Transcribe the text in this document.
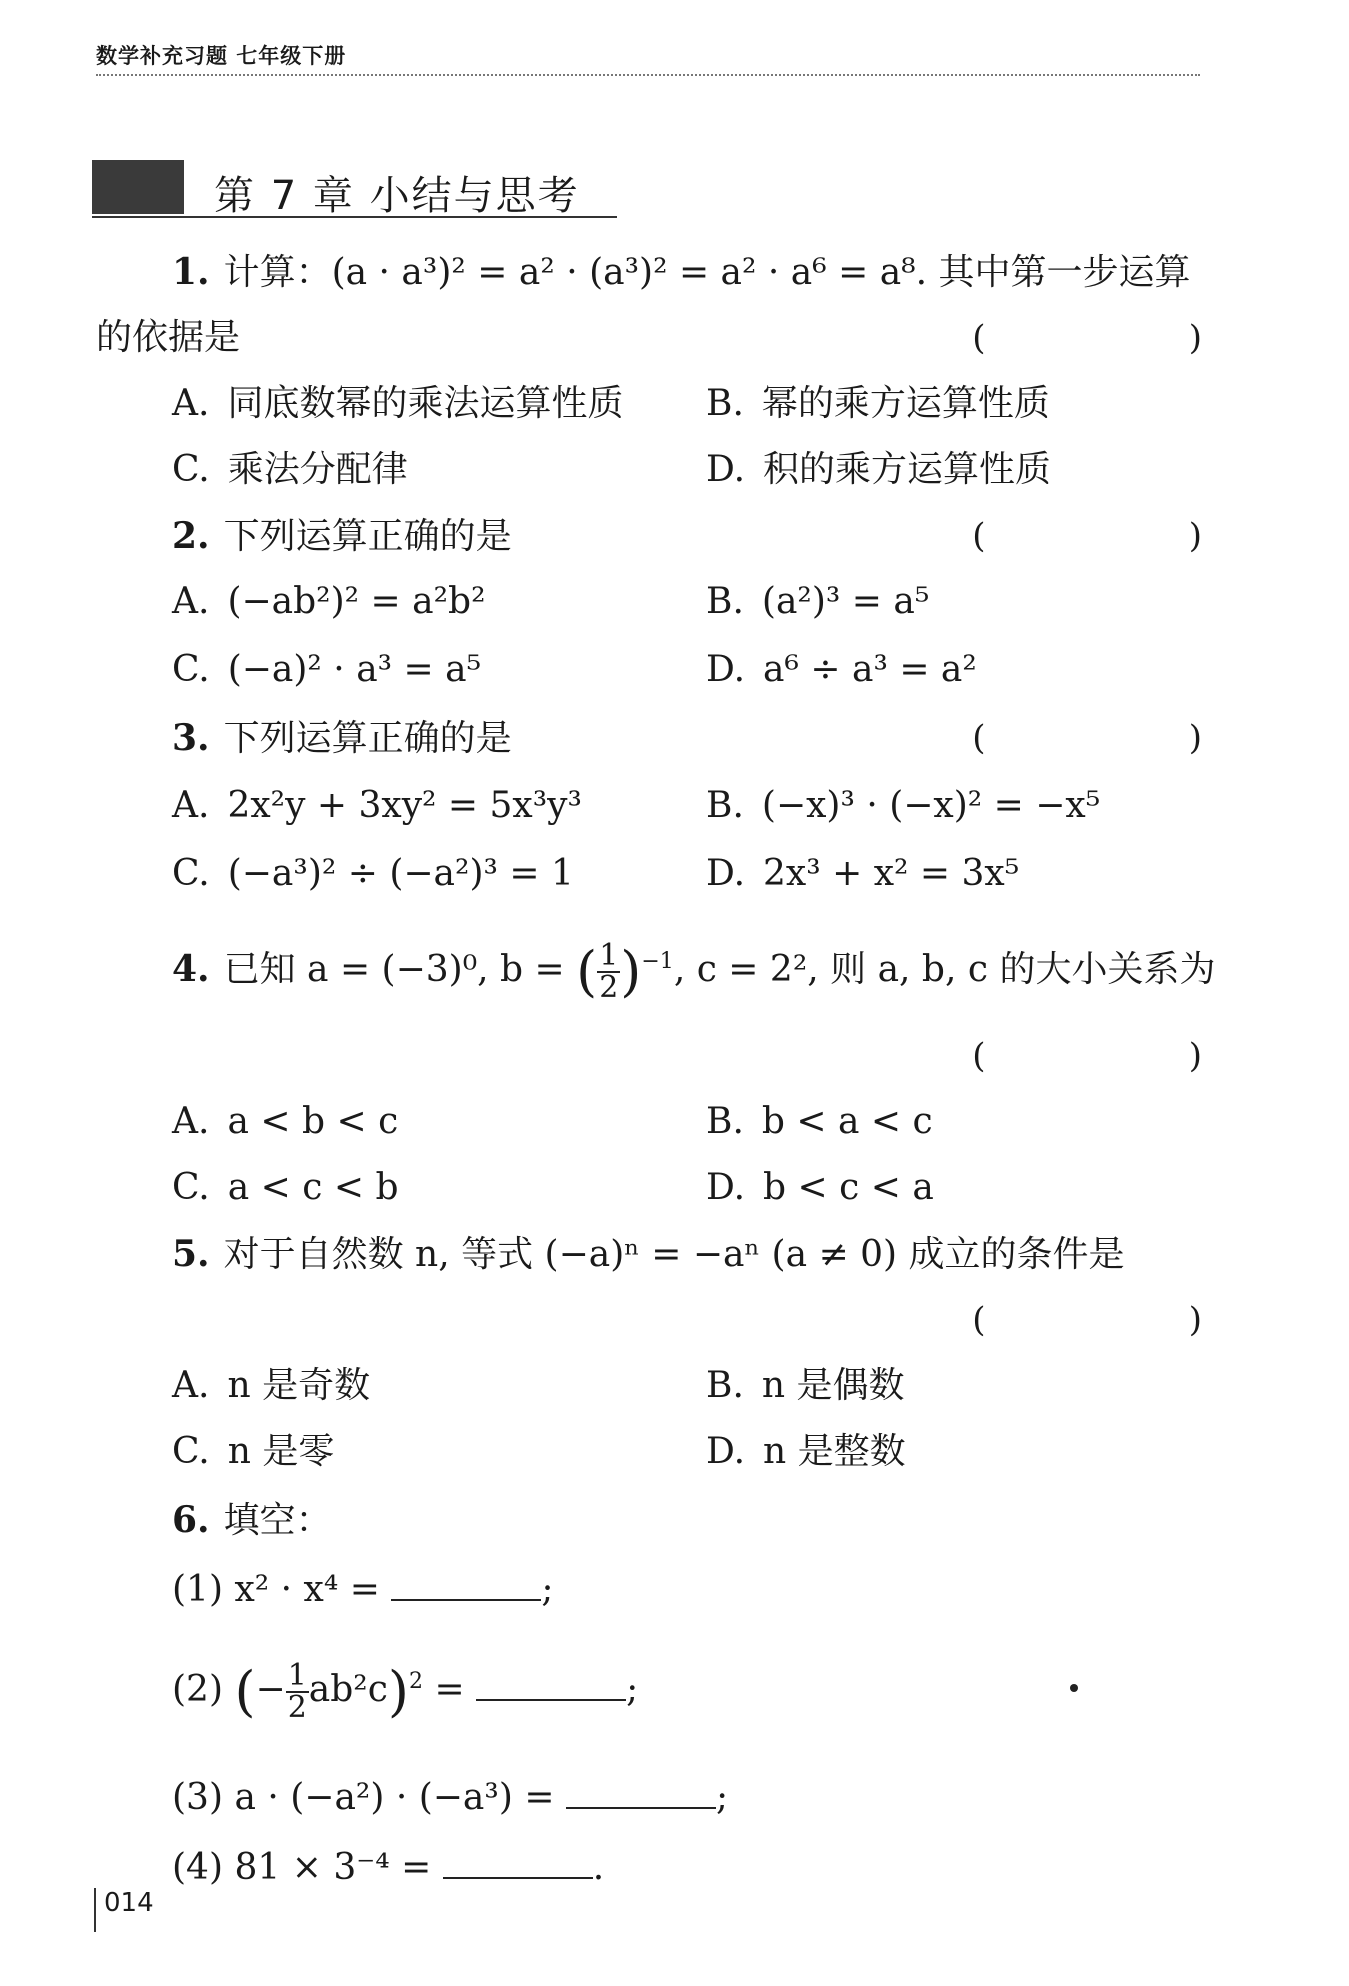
数学补充习题 七年级下册
第 7 章 小结与思考
1. 计算：(a · a³)² = a² · (a³)² = a² · a⁶ = a⁸. 其中第一步运算
的依据是	(    )
A. 同底数幂的乘法运算性质 B. 幂的乘方运算性质
C. 乘法分配律	D. 积的乘方运算性质
2. 下列运算正确的是	(    )
A. (−ab²)² = a²b²	B. (a²)³ = a⁵
C. (−a)² · a³ = a⁵	D. a⁶ ÷ a³ = a²
3. 下列运算正确的是	(    )
A. 2x²y + 3xy² = 5x³y³	B. (−x)³ · (−x)² = −x⁵
C. (−a³)² ÷ (−a²)³ = 1	D. 2x³ + x² = 3x⁵
4. 已知 a = (−3)⁰, b = ( $\frac{1}{2} )^{-1}$, c = 2², 则 a, b, c 的大小关系为
(    )
A. a < b < c	B. b < a < c
C. a < c < b	D. b < c < a
5. 对于自然数 n, 等式 (−a)ⁿ = −aⁿ (a ≠ 0) 成立的条件是
(    )
A. n 是奇数	B. n 是偶数
C. n 是零	D. n 是整数
6. 填空：
(1) x² · x⁴ =	;
(2) (− $\frac{1}{2} ab^2c)^2$ =	;
(3) a · (−a²) · (−a³) =	;
(4) 81 × 3⁻⁴ =	.
014
